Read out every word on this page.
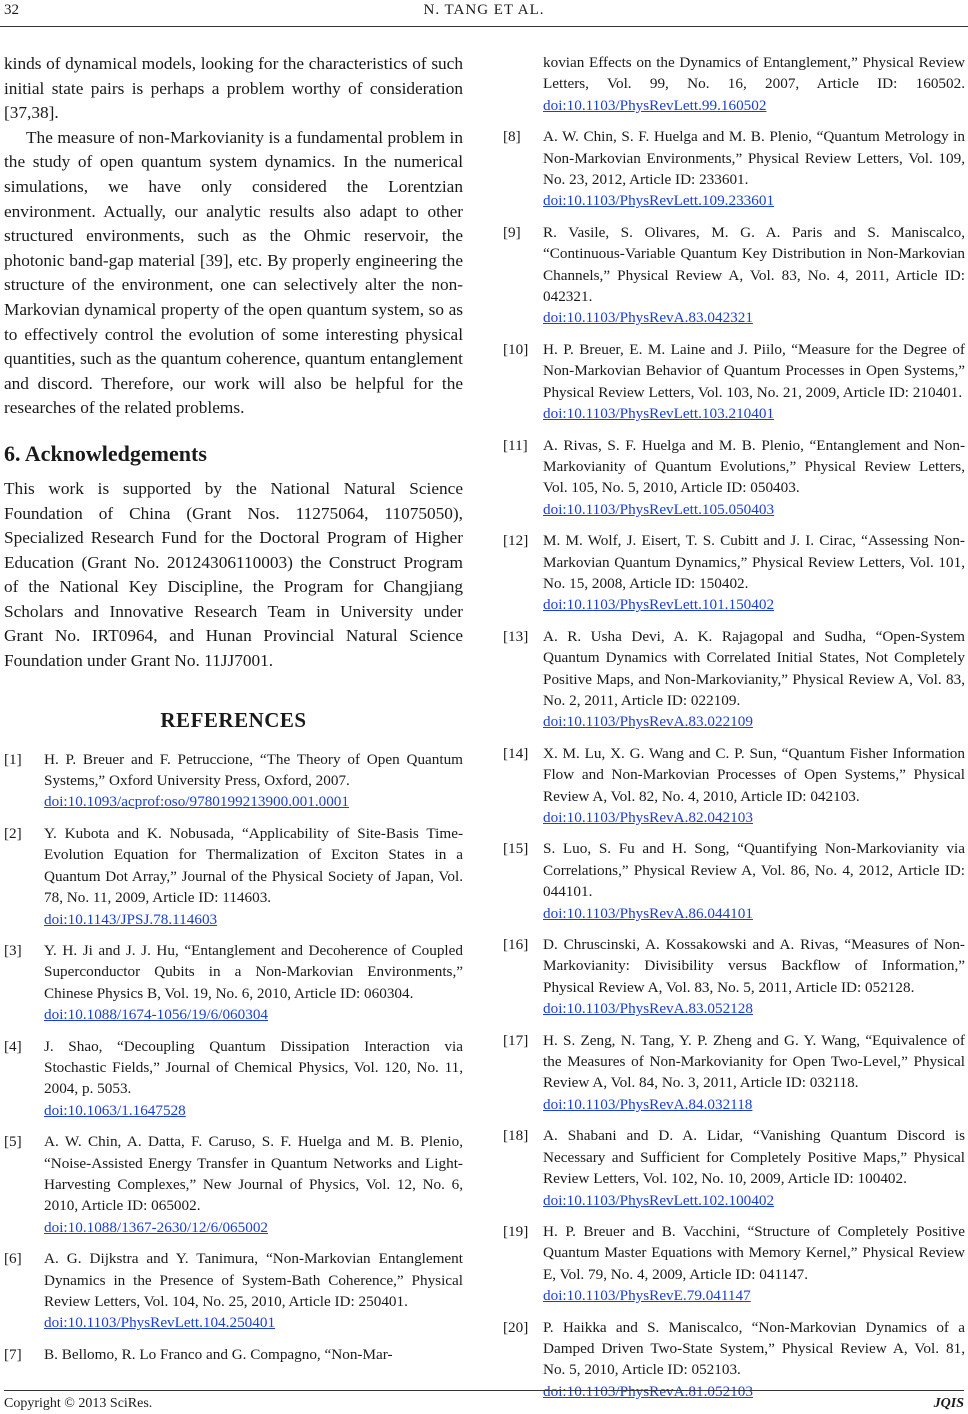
32	N. TANG ET AL.

kinds of dynamical models, looking for the characteristics of such initial state pairs is perhaps a problem worthy of consideration [37,38].

The measure of non-Markovianity is a fundamental problem in the study of open quantum system dynamics. In the numerical simulations, we have only considered the Lorentzian environment. Actually, our analytic results also adapt to other structured environments, such as the Ohmic reservoir, the photonic band-gap material [39], etc. By properly engineering the structure of the environment, one can selectively alter the non-Markovian dynamical property of the open quantum system, so as to effectively control the evolution of some interesting physical quantities, such as the quantum coherence, quantum entanglement and discord. Therefore, our work will also be helpful for the researches of the related problems.

6. Acknowledgements

This work is supported by the National Natural Science Foundation of China (Grant Nos. 11275064, 11075050), Specialized Research Fund for the Doctoral Program of Higher Education (Grant No. 20124306110003) the Construct Program of the National Key Discipline, the Program for Changjiang Scholars and Innovative Research Team in University under Grant No. IRT0964, and Hunan Provincial Natural Science Foundation under Grant No. 11JJ7001.

REFERENCES
[1]	H. P. Breuer and F. Petruccione, “The Theory of Open Quantum Systems,” Oxford University Press, Oxford, 2007.
doi:10.1093/acprof:oso/9780199213900.001.0001
[2]	Y. Kubota and K. Nobusada, “Applicability of Site-Basis Time-Evolution Equation for Thermalization of Exciton States in a Quantum Dot Array,” Journal of the Physical Society of Japan, Vol. 78, No. 11, 2009, Article ID: 114603.
doi:10.1143/JPSJ.78.114603
[3]	Y. H. Ji and J. J. Hu, “Entanglement and Decoherence of Coupled Superconductor Qubits in a Non-Markovian Environments,” Chinese Physics B, Vol. 19, No. 6, 2010, Article ID: 060304.
doi:10.1088/1674-1056/19/6/060304
[4]	J. Shao, “Decoupling Quantum Dissipation Interaction via Stochastic Fields,” Journal of Chemical Physics, Vol. 120, No. 11, 2004, p. 5053.
doi:10.1063/1.1647528
[5]	A. W. Chin, A. Datta, F. Caruso, S. F. Huelga and M. B. Plenio, “Noise-Assisted Energy Transfer in Quantum Networks and Light-Harvesting Complexes,” New Journal of Physics, Vol. 12, No. 6, 2010, Article ID: 065002.
doi:10.1088/1367-2630/12/6/065002
[6]	A. G. Dijkstra and Y. Tanimura, “Non-Markovian Entanglement Dynamics in the Presence of System-Bath Coherence,” Physical Review Letters, Vol. 104, No. 25, 2010, Article ID: 250401.
doi:10.1103/PhysRevLett.104.250401
[7]	B. Bellomo, R. Lo Franco and G. Compagno, “Non-Mar-
kovian Effects on the Dynamics of Entanglement,” Physical Review Letters, Vol. 99, No. 16, 2007, Article ID: 160502. doi:10.1103/PhysRevLett.99.160502
[8]	A. W. Chin, S. F. Huelga and M. B. Plenio, “Quantum Metrology in Non-Markovian Environments,” Physical Review Letters, Vol. 109, No. 23, 2012, Article ID: 233601.
doi:10.1103/PhysRevLett.109.233601
[9]	R. Vasile, S. Olivares, M. G. A. Paris and S. Maniscalco, “Continuous-Variable Quantum Key Distribution in Non-Markovian Channels,” Physical Review A, Vol. 83, No. 4, 2011, Article ID: 042321.
doi:10.1103/PhysRevA.83.042321
[10] H. P. Breuer, E. M. Laine and J. Piilo, “Measure for the Degree of Non-Markovian Behavior of Quantum Processes in Open Systems,” Physical Review Letters, Vol. 103, No. 21, 2009, Article ID: 210401.
doi:10.1103/PhysRevLett.103.210401
[11]	A. Rivas, S. F. Huelga and M. B. Plenio, “Entanglement and Non-Markovianity of Quantum Evolutions,” Physical Review Letters, Vol. 105, No. 5, 2010, Article ID: 050403.
doi:10.1103/PhysRevLett.105.050403
[12] M. M. Wolf, J. Eisert, T. S. Cubitt and J. I. Cirac, “Assessing Non-Markovian Quantum Dynamics,” Physical Review Letters, Vol. 101, No. 15, 2008, Article ID: 150402.
doi:10.1103/PhysRevLett.101.150402
[13] A. R. Usha Devi, A. K. Rajagopal and Sudha, “Open-System Quantum Dynamics with Correlated Initial States, Not Completely Positive Maps, and Non-Markovianity,” Physical Review A, Vol. 83, No. 2, 2011, Article ID: 022109.
doi:10.1103/PhysRevA.83.022109
[14] X. M. Lu, X. G. Wang and C. P. Sun, “Quantum Fisher Information Flow and Non-Markovian Processes of Open Systems,” Physical Review A, Vol. 82, No. 4, 2010, Article ID: 042103.
doi:10.1103/PhysRevA.82.042103
[15] S. Luo, S. Fu and H. Song, “Quantifying Non-Markovianity via Correlations,” Physical Review A, Vol. 86, No. 4, 2012, Article ID: 044101.
doi:10.1103/PhysRevA.86.044101
[16] D. Chruscinski, A. Kossakowski and A. Rivas, “Measures of Non-Markovianity: Divisibility versus Backflow of Information,” Physical Review A, Vol. 83, No. 5, 2011, Article ID: 052128.
doi:10.1103/PhysRevA.83.052128
[17] H. S. Zeng, N. Tang, Y. P. Zheng and G. Y. Wang, “Equivalence of the Measures of Non-Markovianity for Open Two-Level,” Physical Review A, Vol. 84, No. 3, 2011, Article ID: 032118.
doi:10.1103/PhysRevA.84.032118
[18] A. Shabani and D. A. Lidar, “Vanishing Quantum Discord is Necessary and Sufficient for Completely Positive Maps,” Physical Review Letters, Vol. 102, No. 10, 2009, Article ID: 100402.
doi:10.1103/PhysRevLett.102.100402
[19] H. P. Breuer and B. Vacchini, “Structure of Completely Positive Quantum Master Equations with Memory Kernel,” Physical Review E, Vol. 79, No. 4, 2009, Article ID: 041147.
doi:10.1103/PhysRevE.79.041147
[20] P. Haikka and S. Maniscalco, “Non-Markovian Dynamics of a Damped Driven Two-State System,” Physical Review A, Vol. 81, No. 5, 2010, Article ID: 052103.
doi:10.1103/PhysRevA.81.052103
Copyright © 2013 SciRes.	JQIS
